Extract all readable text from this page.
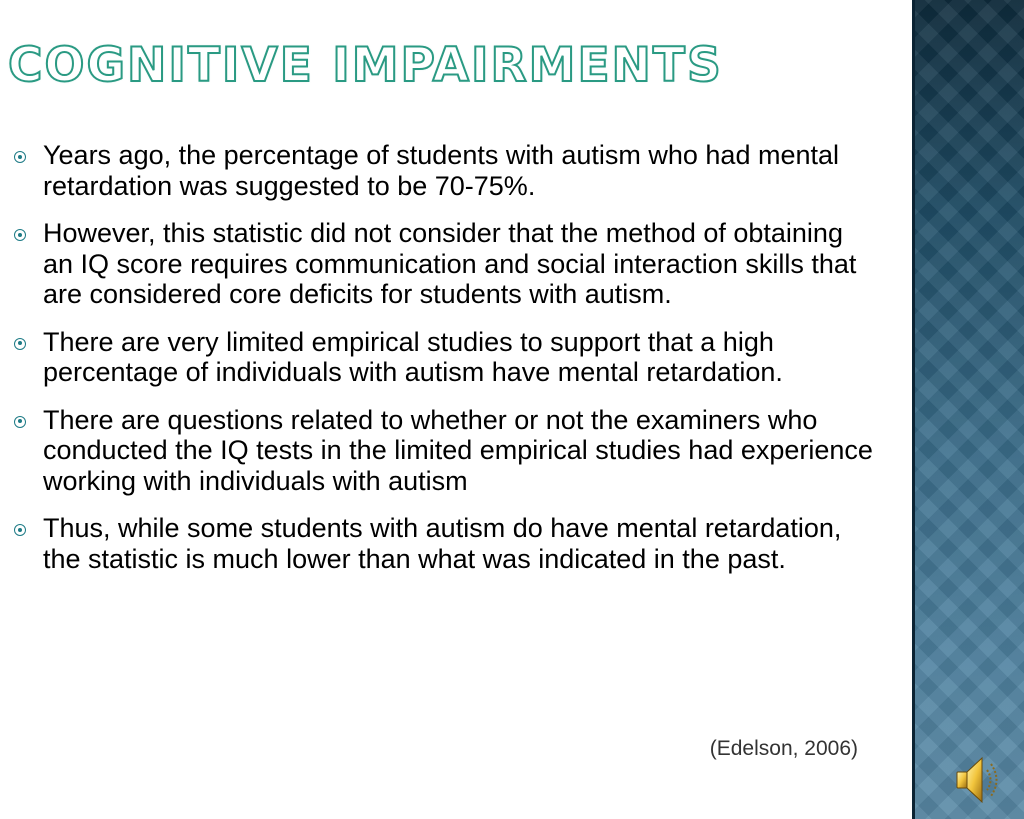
COGNITIVE IMPAIRMENTS
Years ago, the percentage of students with autism who had mental retardation was suggested to be 70-75%.
However, this statistic did not consider that the method of obtaining an IQ score requires communication and social interaction skills that are considered core deficits for students with autism.
There are very limited empirical studies to support that a high percentage of individuals with autism have mental retardation.
There are questions related to whether or not the examiners who conducted the IQ tests in the limited empirical studies had experience working with individuals with autism
Thus, while some students with autism do have mental retardation, the statistic is much lower than what was indicated in the past.
(Edelson, 2006)
